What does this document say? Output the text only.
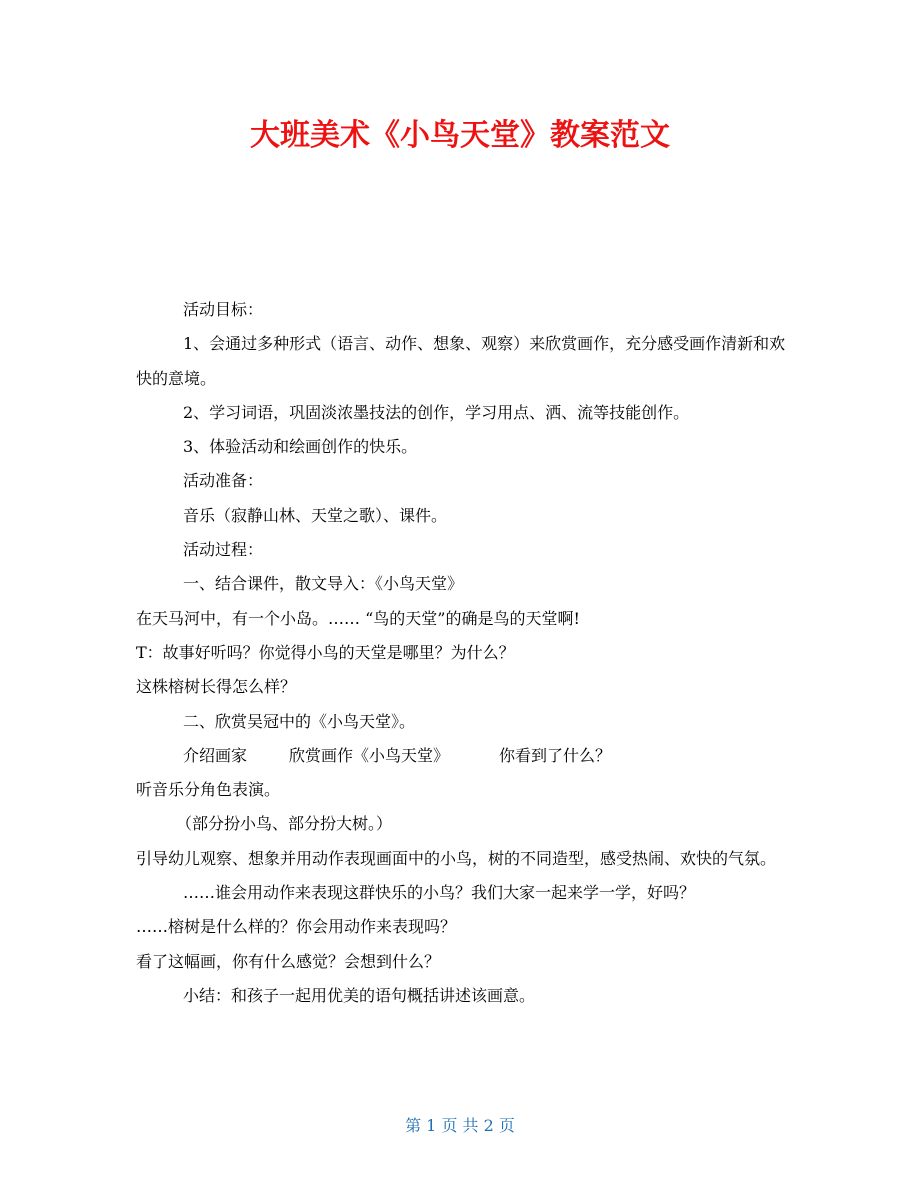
大班美术《小鸟天堂》教案范文

活动目标：

1、会通过多种形式（语言、动作、想象、观察）来欣赏画作，充分感受画作清新和欢快的意境。

2、学习词语，巩固淡浓墨技法的创作，学习用点、洒、流等技能创作。

3、体验活动和绘画创作的快乐。

活动准备：

音乐（寂静山林、天堂之歌）、课件。

活动过程：

一、结合课件，散文导入：《小鸟天堂》

在天马河中，有一个小岛。…… “鸟的天堂”的确是鸟的天堂啊!

T：故事好听吗？你觉得小鸟的天堂是哪里？为什么？

这株榕树长得怎么样？

二、欣赏吴冠中的《小鸟天堂》。

介绍画家	欣赏画作《小鸟天堂》	你看到了什么？

听音乐分角色表演。

（部分扮小鸟、部分扮大树。）

引导幼儿观察、想象并用动作表现画面中的小鸟，树的不同造型，感受热闹、欢快的气氛。

……谁会用动作来表现这群快乐的小鸟？我们大家一起来学一学，好吗？

……榕树是什么样的？你会用动作来表现吗？

看了这幅画，你有什么感觉？会想到什么？

小结：和孩子一起用优美的语句概括讲述该画意。

第 1 页 共 2 页
